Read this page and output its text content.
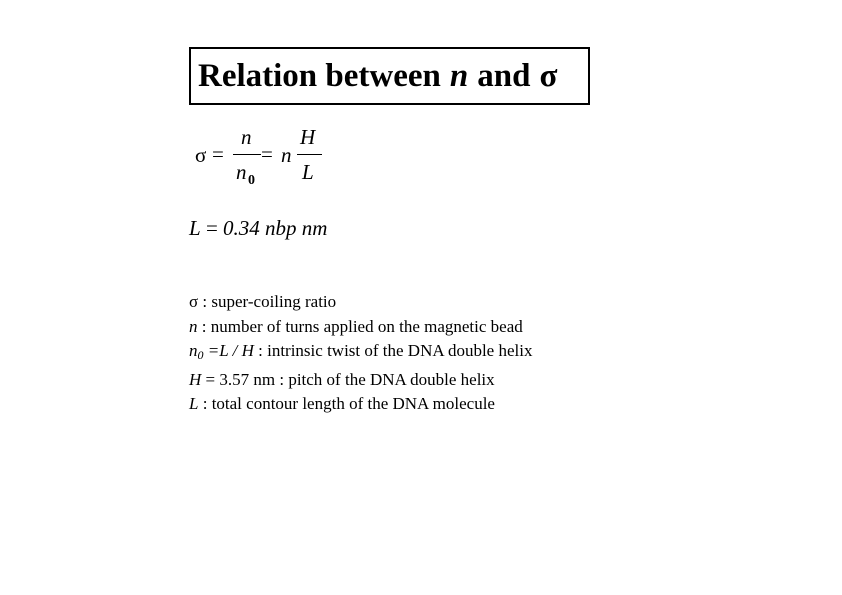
Relation between n and σ
σ =
n
n 0
= n
H
L
L = 0.34 nbp nm
σ : super-coiling ratio
n : number of turns applied on the magnetic bead
n0 =L / H : intrinsic twist of the DNA double helix
H = 3.57 nm : pitch of the DNA double helix
L : total contour length of the DNA molecule
